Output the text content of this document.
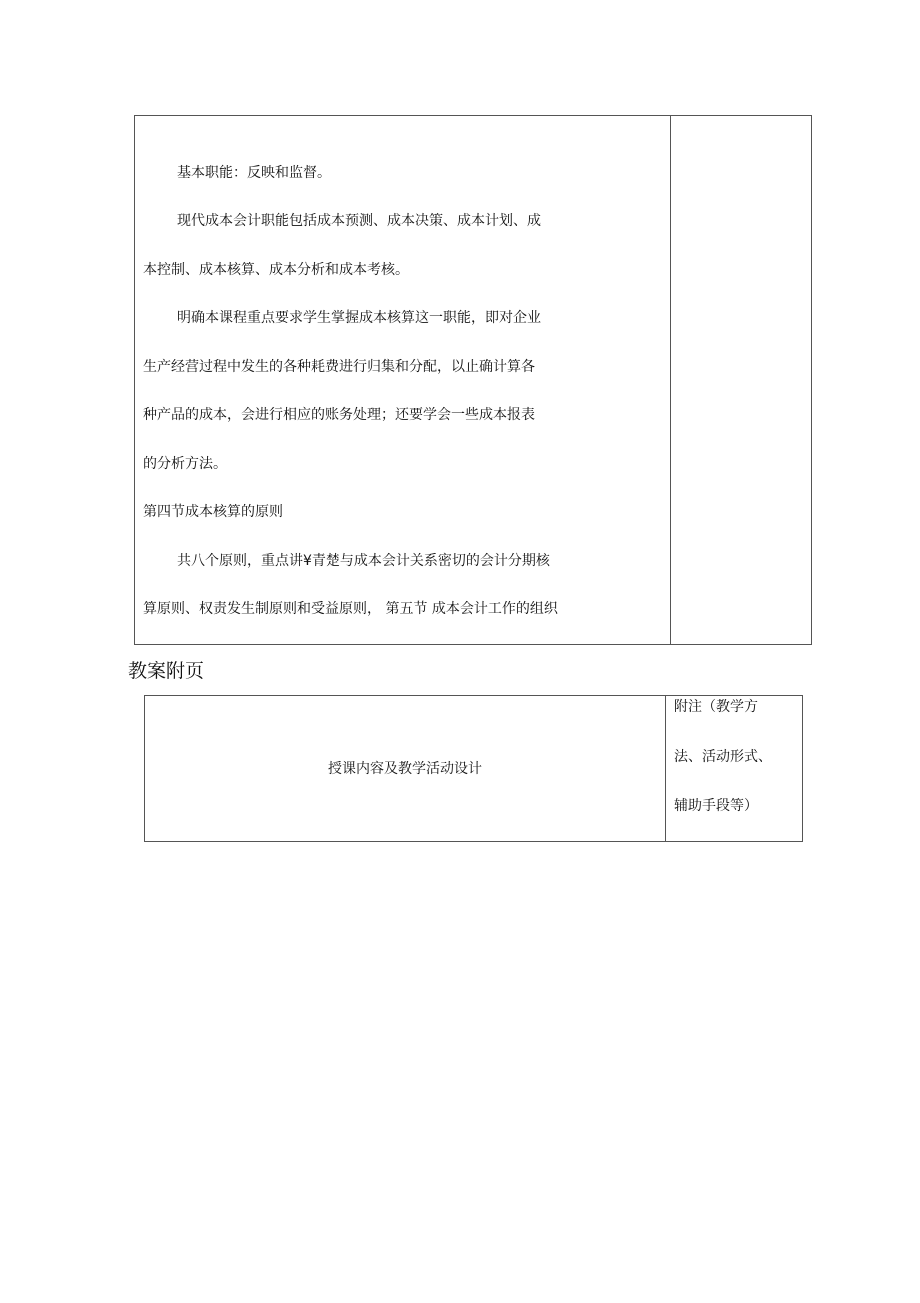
基本职能：反映和监督。
现代成本会计职能包括成本预测、成本决策、成本计划、成
本控制、成本核算、成本分析和成本考核。
明确本课程重点要求学生掌握成本核算这一职能，即对企业
生产经营过程中发生的各种耗费进行归集和分配，以止确计算各
种产品的成本，会进行相应的账务处理；还要学会一些成本报表
的分析方法。
第四节成本核算的原则
共八个原则，重点讲¥青楚与成本会计关系密切的会计分期核
算原则、权责发生制原则和受益原则， 第五节 成本会计工作的组织
教案附页
授课内容及教学活动设计
附注（教学方
法、活动形式、
辅助手段等）
